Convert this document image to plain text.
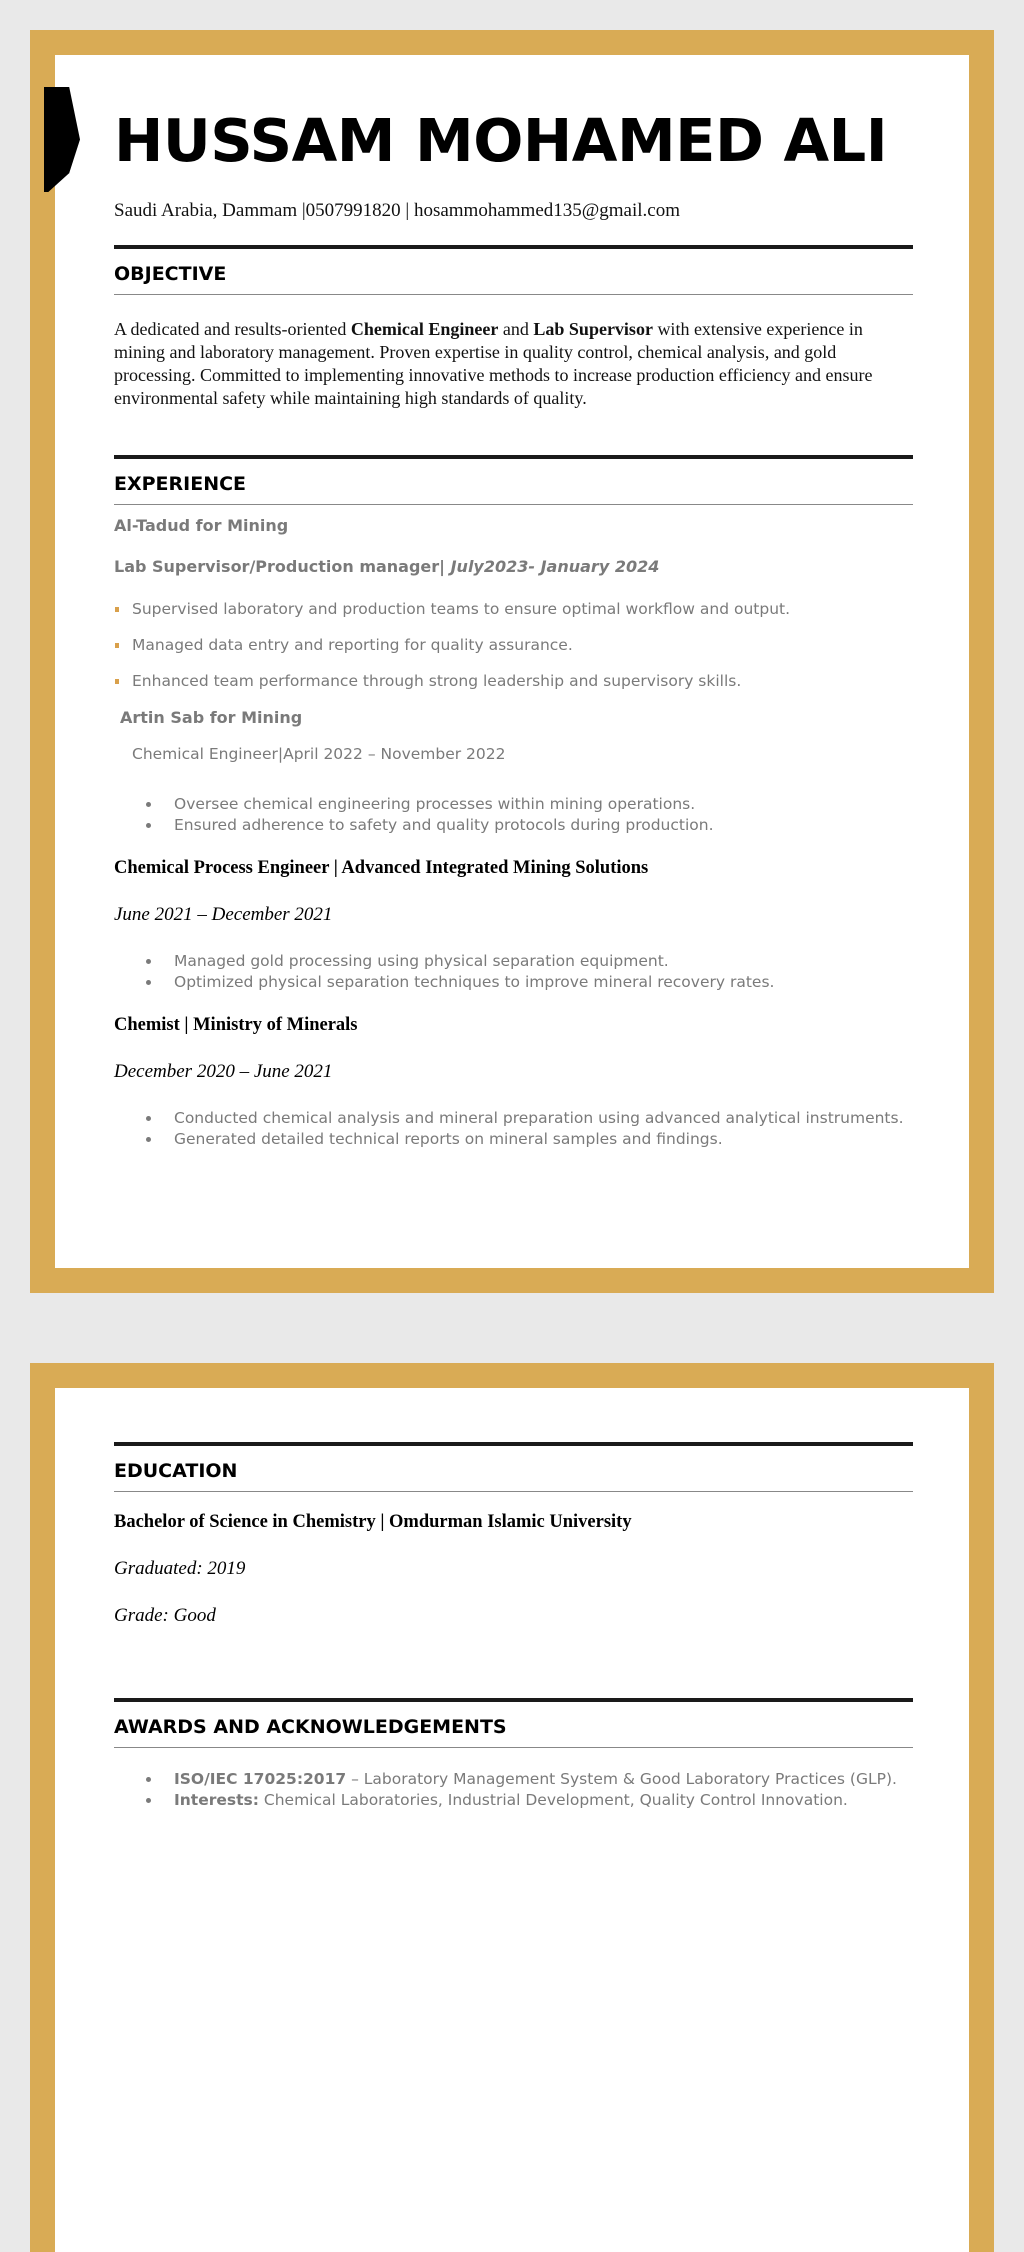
HUSSAM MOHAMED ALI
Saudi Arabia, Dammam |0507991820 | hosammohammed135@gmail.com
OBJECTIVE
A dedicated and results-oriented Chemical Engineer and Lab Supervisor with extensive experience in mining and laboratory management. Proven expertise in quality control, chemical analysis, and gold processing. Committed to implementing innovative methods to increase production efficiency and ensure environmental safety while maintaining high standards of quality.
EXPERIENCE
Al-Tadud for Mining
Lab Supervisor/Production manager| July2023- January 2024
Supervised laboratory and production teams to ensure optimal workflow and output.
Managed data entry and reporting for quality assurance.
Enhanced team performance through strong leadership and supervisory skills.
Artin Sab for Mining
Chemical Engineer|April 2022 – November 2022
Oversee chemical engineering processes within mining operations.
Ensured adherence to safety and quality protocols during production.
Chemical Process Engineer | Advanced Integrated Mining Solutions
June 2021 – December 2021
Managed gold processing using physical separation equipment.
Optimized physical separation techniques to improve mineral recovery rates.
Chemist | Ministry of Minerals
December 2020 – June 2021
Conducted chemical analysis and mineral preparation using advanced analytical instruments.
Generated detailed technical reports on mineral samples and findings.
EDUCATION
Bachelor of Science in Chemistry | Omdurman Islamic University
Graduated: 2019
Grade: Good
AWARDS AND ACKNOWLEDGEMENTS
ISO/IEC 17025:2017 – Laboratory Management System & Good Laboratory Practices (GLP).
Interests: Chemical Laboratories, Industrial Development, Quality Control Innovation.
